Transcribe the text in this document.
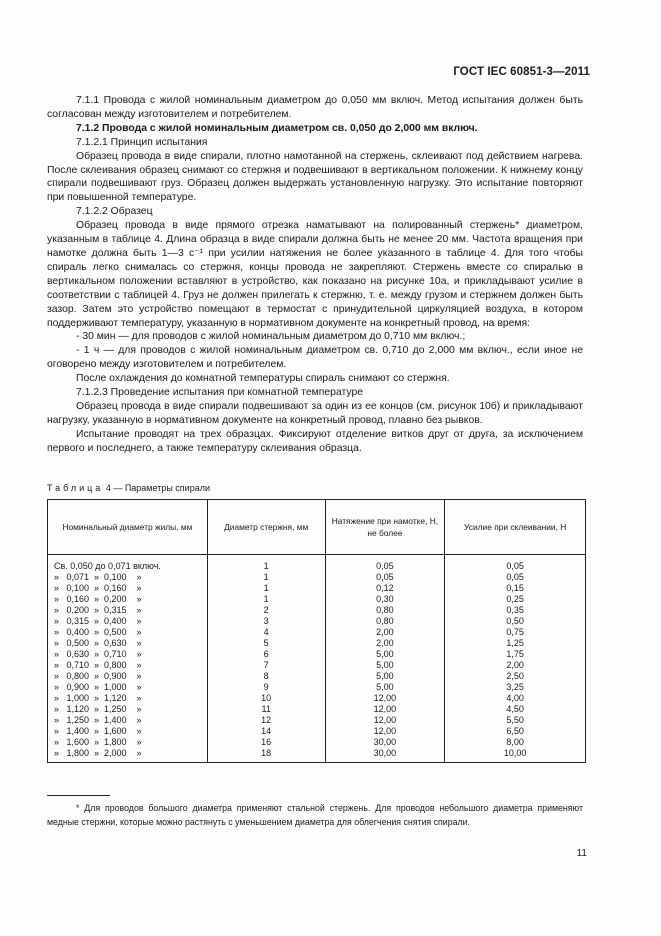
ГОСТ IEC 60851-3—2011

7.1.1 Провода с жилой номинальным диаметром до 0,050 мм включ. Метод испытания должен быть согласован между изготовителем и потребителем.

7.1.2 Провода с жилой номинальным диаметром св. 0,050 до 2,000 мм включ.

7.1.2.1 Принцип испытания

Образец провода в виде спирали, плотно намотанной на стержень, склеивают под действием нагрева. После склеивания образец снимают со стержня и подвешивают в вертикальном положении. К нижнему концу спирали подвешивают груз. Образец должен выдержать установленную нагрузку. Это испытание повторяют при повышенной температуре.

7.1.2.2 Образец

Образец провода в виде прямого отрезка наматывают на полированный стержень* диаметром, указанным в таблице 4. Длина образца в виде спирали должна быть не менее 20 мм. Частота вращения при намотке должна быть 1—3 с⁻¹ при усилии натяжения не более указанного в таблице 4. Для того чтобы спираль легко снималась со стержня, концы провода не закрепляют. Стержень вместе со спиралью в вертикальном положении вставляют в устройство, как показано на рисунке 10а, и прикладывают усилие в соответствии с таблицей 4. Груз не должен прилегать к стержню, т. е. между грузом и стержнем должен быть зазор. Затем это устройство помещают в термостат с принудительной циркуляцией воздуха, в котором поддерживают температуру, указанную в нормативном документе на конкретный провод, на время:

- 30 мин — для проводов с жилой номинальным диаметром до 0,710 мм включ.;

- 1 ч — для проводов с жилой номинальным диаметром св. 0,710 до 2,000 мм включ., если иное не оговорено между изготовителем и потребителем.

После охлаждения до комнатной температуры спираль снимают со стержня.

7.1.2.3 Проведение испытания при комнатной температуре

Образец провода в виде спирали подвешивают за один из ее концов (см. рисунок 10б) и прикладывают нагрузку, указанную в нормативном документе на конкретный провод, плавно без рывков.

Испытание проводят на трех образцах. Фиксируют отделение витков друг от друга, за исключением первого и последнего, а также температуру склеивания образца.

Таблица 4 — Параметры спирали
Номинальный диаметр жилы, мм	Диаметр стержня, мм	Натяжение при намотке, Н, не более	Усилие при склеивании, Н
Св. 0,050 до 0,071 включ.	1	0,05	0,05
»   0,071  »  0,100    »	1	0,05	0,05
»   0,100  »  0,160    »	1	0,12	0,15
»   0,160  »  0,200    »	1	0,30	0,25
»   0,200  »  0,315    »	2	0,80	0,35
»   0,315  »  0,400    »	3	0,80	0,50
»   0,400  »  0,500    »	4	2,00	0,75
»   0,500  »  0,630    »	5	2,00	1,25
»   0,630  »  0,710    »	6	5,00	1,75
»   0,710  »  0,800    »	7	5,00	2,00
»   0,800  »  0,900    »	8	5,00	2,50
»   0,900  »  1,000    »	9	5,00	3,25
»   1,000  »  1,120    »	10	12,00	4,00
»   1,120  »  1,250    »	11	12,00	4,50
»   1,250  »  1,400    »	12	12,00	5,50
»   1,400  »  1,600    »	14	12,00	6,50
»   1,600  »  1,800    »	16	30,00	8,00
»   1,800  »  2,000    »	18	30,00	10,00
* Для проводов большого диаметра применяют стальной стержень. Для проводов небольшого диаметра применяют медные стержни, которые можно растянуть с уменьшением диаметра для облегчения снятия спирали.
11
